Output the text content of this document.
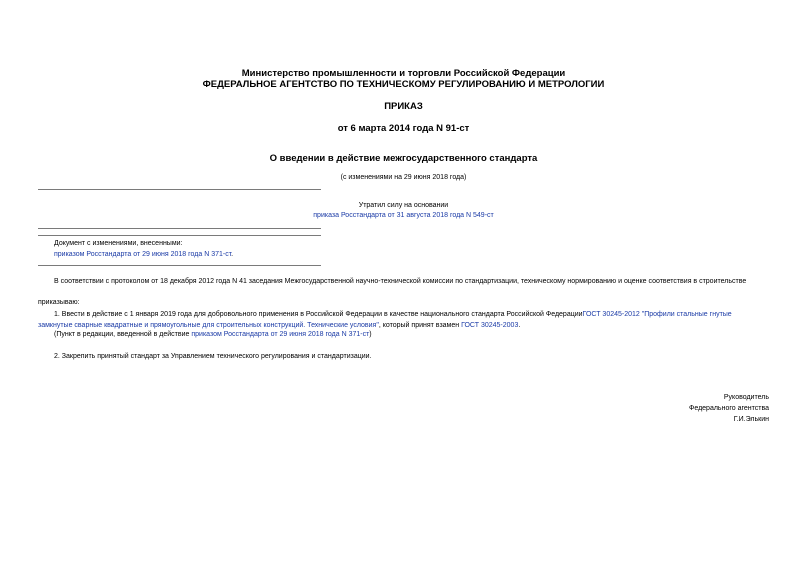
Министерство промышленности и торговли Российской Федерации
ФЕДЕРАЛЬНОЕ АГЕНТСТВО ПО ТЕХНИЧЕСКОМУ РЕГУЛИРОВАНИЮ И МЕТРОЛОГИИ
ПРИКАЗ
от 6 марта 2014 года N 91-ст
О введении в действие межгосударственного стандарта
(с изменениями на 29 июня 2018 года)
Утратил силу на основании
приказа Росстандарта от 31 августа 2018 года N 549-ст
Документ с изменениями, внесенными:
приказом Росстандарта от 29 июня 2018 года N 371-ст.
В соответствии с протоколом от 18 декабря 2012 года N 41 заседания Межгосударственной научно-технической комиссии по стандартизации, техническому нормированию и оценке соответствия в строительстве
приказываю:
1. Ввести в действие с 1 января 2019 года для добровольного применения в Российской Федерации в качестве национального стандарта Российской ФедерацииГОСТ 30245-2012 "Профили стальные гнутые
замкнутые сварные квадратные и прямоугольные для строительных конструкций. Технические условия", который принят взамен ГОСТ 30245-2003.
(Пункт в редакции, введенной в действие приказом Росстандарта от 29 июня 2018 года N 371-ст)
2. Закрепить принятый стандарт за Управлением технического регулирования и стандартизации.
Руководитель
Федерального агентства
Г.И.Элькин
